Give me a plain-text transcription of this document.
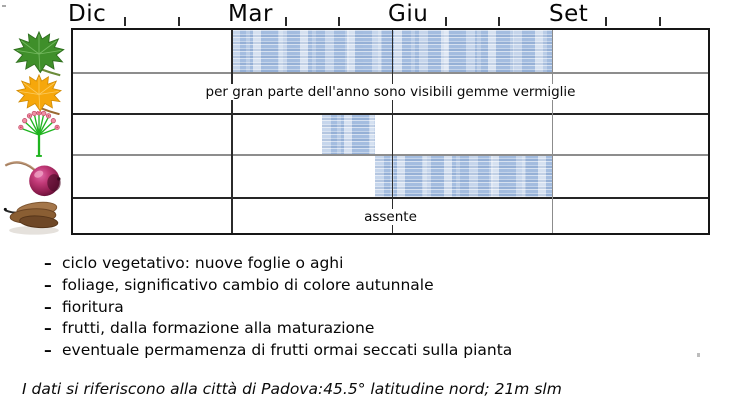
Dic	Mar	Giu	Set
per gran parte dell'anno sono visibili gemme vermiglie
assente
– ciclo vegetativo: nuove foglie o aghi
– foliage, significativo cambio di colore autunnale
– fioritura
– frutti, dalla formazione alla maturazione
– eventuale permamenza di frutti ormai seccati sulla pianta
I dati si riferiscono alla città di Padova:45.5° latitudine nord; 21m slm
